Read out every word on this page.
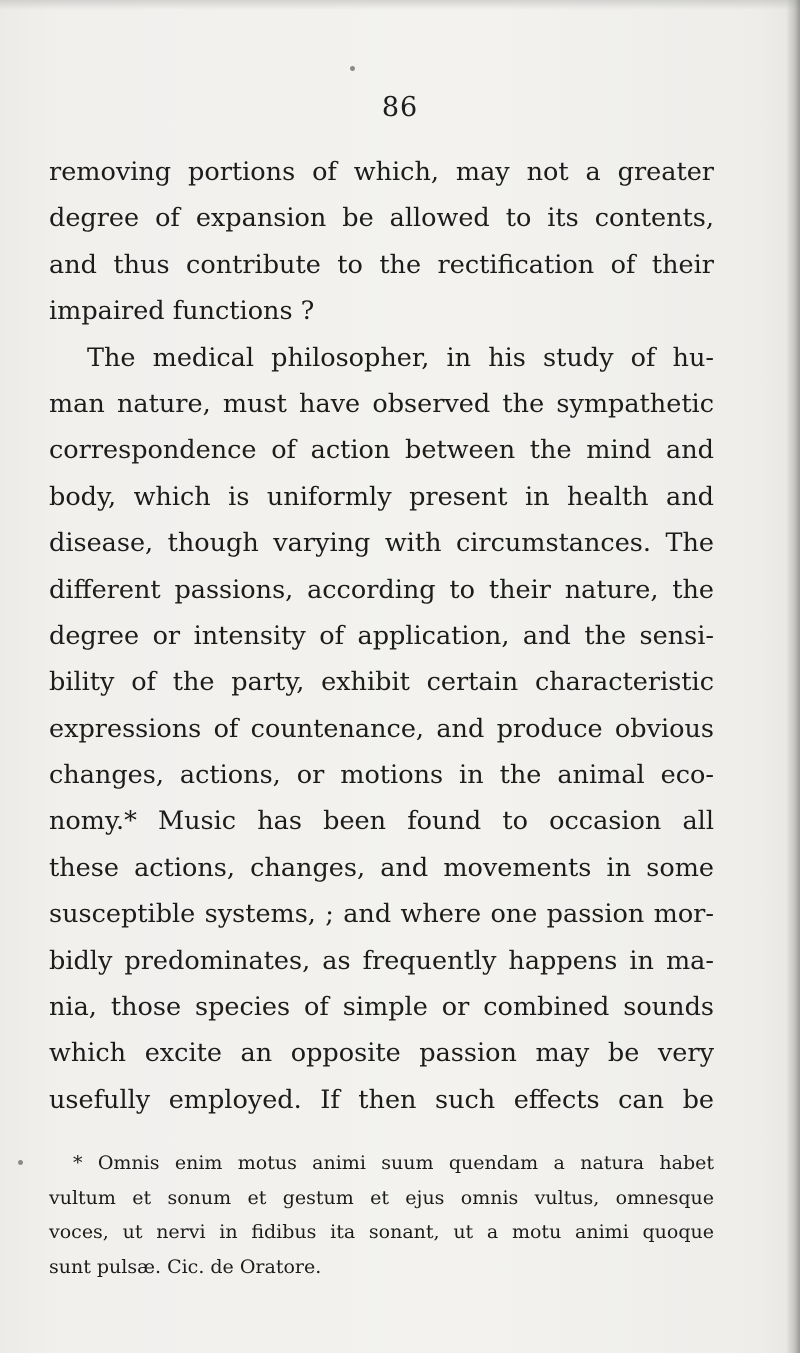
86
removing portions of which, may not a greater
degree of expansion be allowed to its contents,
and thus contribute to the rectification of their
impaired functions ?
The medical philosopher, in his study of hu-
man nature, must have observed the sympathetic
correspondence of action between the mind and
body, which is uniformly present in health and
disease, though varying with circumstances. The
different passions, according to their nature, the
degree or intensity of application, and the sensi-
bility of the party, exhibit certain characteristic
expressions of countenance, and produce obvious
changes, actions, or motions in the animal eco-
nomy.* Music has been found to occasion all
these actions, changes, and movements in some
susceptible systems, ; and where one passion mor-
bidly predominates, as frequently happens in ma-
nia, those species of simple or combined sounds
which excite an opposite passion may be very
usefully employed. If then such effects can be
* Omnis enim motus animi suum quendam a natura habet
vultum et sonum et gestum et ejus omnis vultus, omnesque
voces, ut nervi in fidibus ita sonant, ut a motu animi quoque
sunt pulsæ. Cic. de Oratore.
